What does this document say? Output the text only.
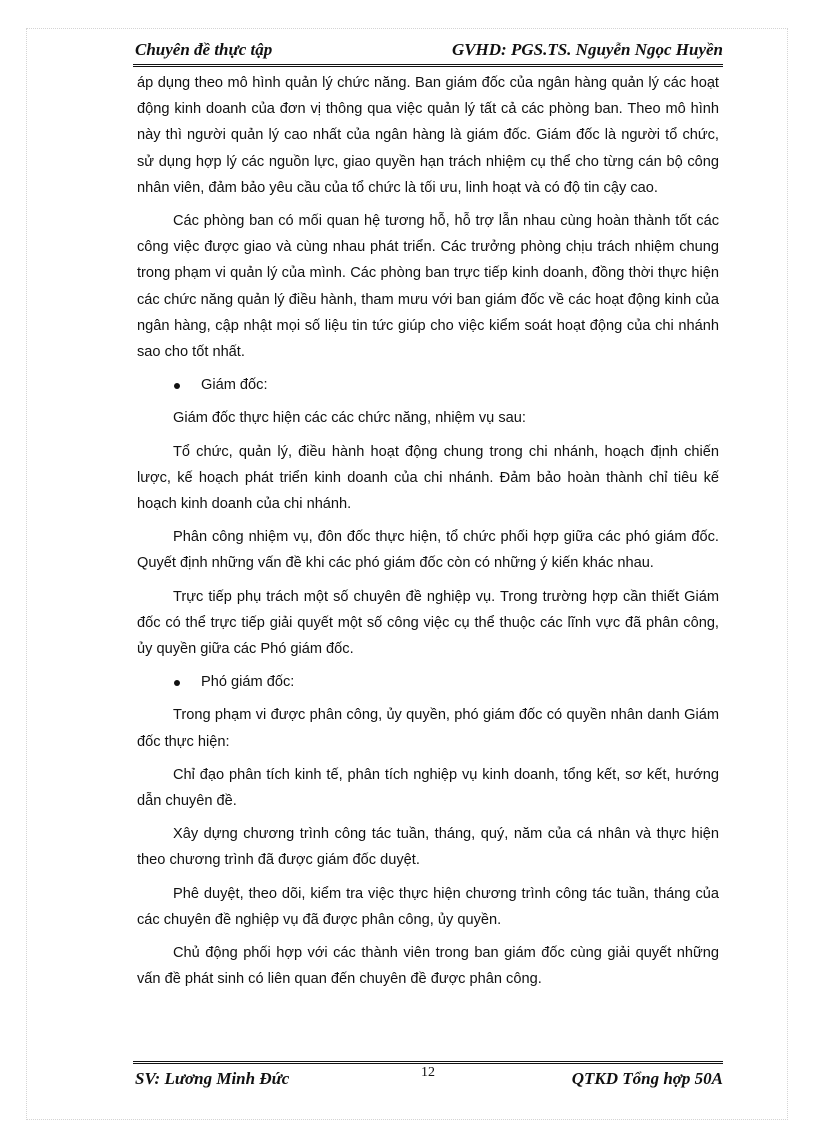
Chuyên đề thực tập	GVHD: PGS.TS. Nguyễn Ngọc Huyền

áp dụng theo mô hình quản lý chức năng. Ban giám đốc của ngân hàng quản lý các hoạt động kinh doanh của đơn vị thông qua việc quản lý tất cả các phòng ban. Theo mô hình này thì người quản lý cao nhất của ngân hàng là giám đốc. Giám đốc là người tổ chức, sử dụng hợp lý các nguồn lực, giao quyền hạn trách nhiệm cụ thể cho từng cán bộ công nhân viên, đảm bảo yêu cầu của tổ chức là tối ưu, linh hoạt và có độ tin cậy cao.

Các phòng ban có mối quan hệ tương hỗ, hỗ trợ lẫn nhau cùng hoàn thành tốt các công việc được giao và cùng nhau phát triển. Các trưởng phòng chịu trách nhiệm chung trong phạm vi quản lý của mình. Các phòng ban trực tiếp kinh doanh, đồng thời thực hiện các chức năng quản lý điều hành, tham mưu với ban giám đốc về các hoạt động kinh của ngân hàng, cập nhật mọi số liệu tin tức giúp cho việc kiểm soát hoạt động của chi nhánh sao cho tốt nhất.

Giám đốc:

Giám đốc thực hiện các các chức năng, nhiệm vụ sau:

Tổ chức, quản lý, điều hành hoạt động chung trong chi nhánh, hoạch định chiến lược, kế hoạch phát triển kinh doanh của chi nhánh. Đảm bảo hoàn thành chỉ tiêu kế hoạch kinh doanh của chi nhánh.

Phân công nhiệm vụ, đôn đốc thực hiện, tổ chức phối hợp giữa các phó giám đốc. Quyết định những vấn đề khi các phó giám đốc còn có những ý kiến khác nhau.

Trực tiếp phụ trách một số chuyên đề nghiệp vụ. Trong trường hợp cần thiết Giám đốc có thể trực tiếp giải quyết một số công việc cụ thể thuộc các lĩnh vực đã phân công, ủy quyền giữa các Phó giám đốc.

Phó giám đốc:

Trong phạm vi được phân công, ủy quyền, phó giám đốc có quyền nhân danh Giám đốc thực hiện:

Chỉ đạo phân tích kinh tế, phân tích nghiệp vụ kinh doanh, tổng kết, sơ kết, hướng dẫn chuyên đề.

Xây dựng chương trình công tác tuần, tháng, quý, năm của cá nhân và thực hiện theo chương trình đã được giám đốc duyệt.

Phê duyệt, theo dõi, kiểm tra việc thực hiện chương trình công tác tuần, tháng của các chuyên đề nghiệp vụ đã được phân công, ủy quyền.

Chủ động phối hợp với các thành viên trong ban giám đốc cùng giải quyết những vấn đề phát sinh có liên quan đến chuyên đề được phân công.

SV: Lương Minh Đức	12	QTKD Tổng hợp 50A
